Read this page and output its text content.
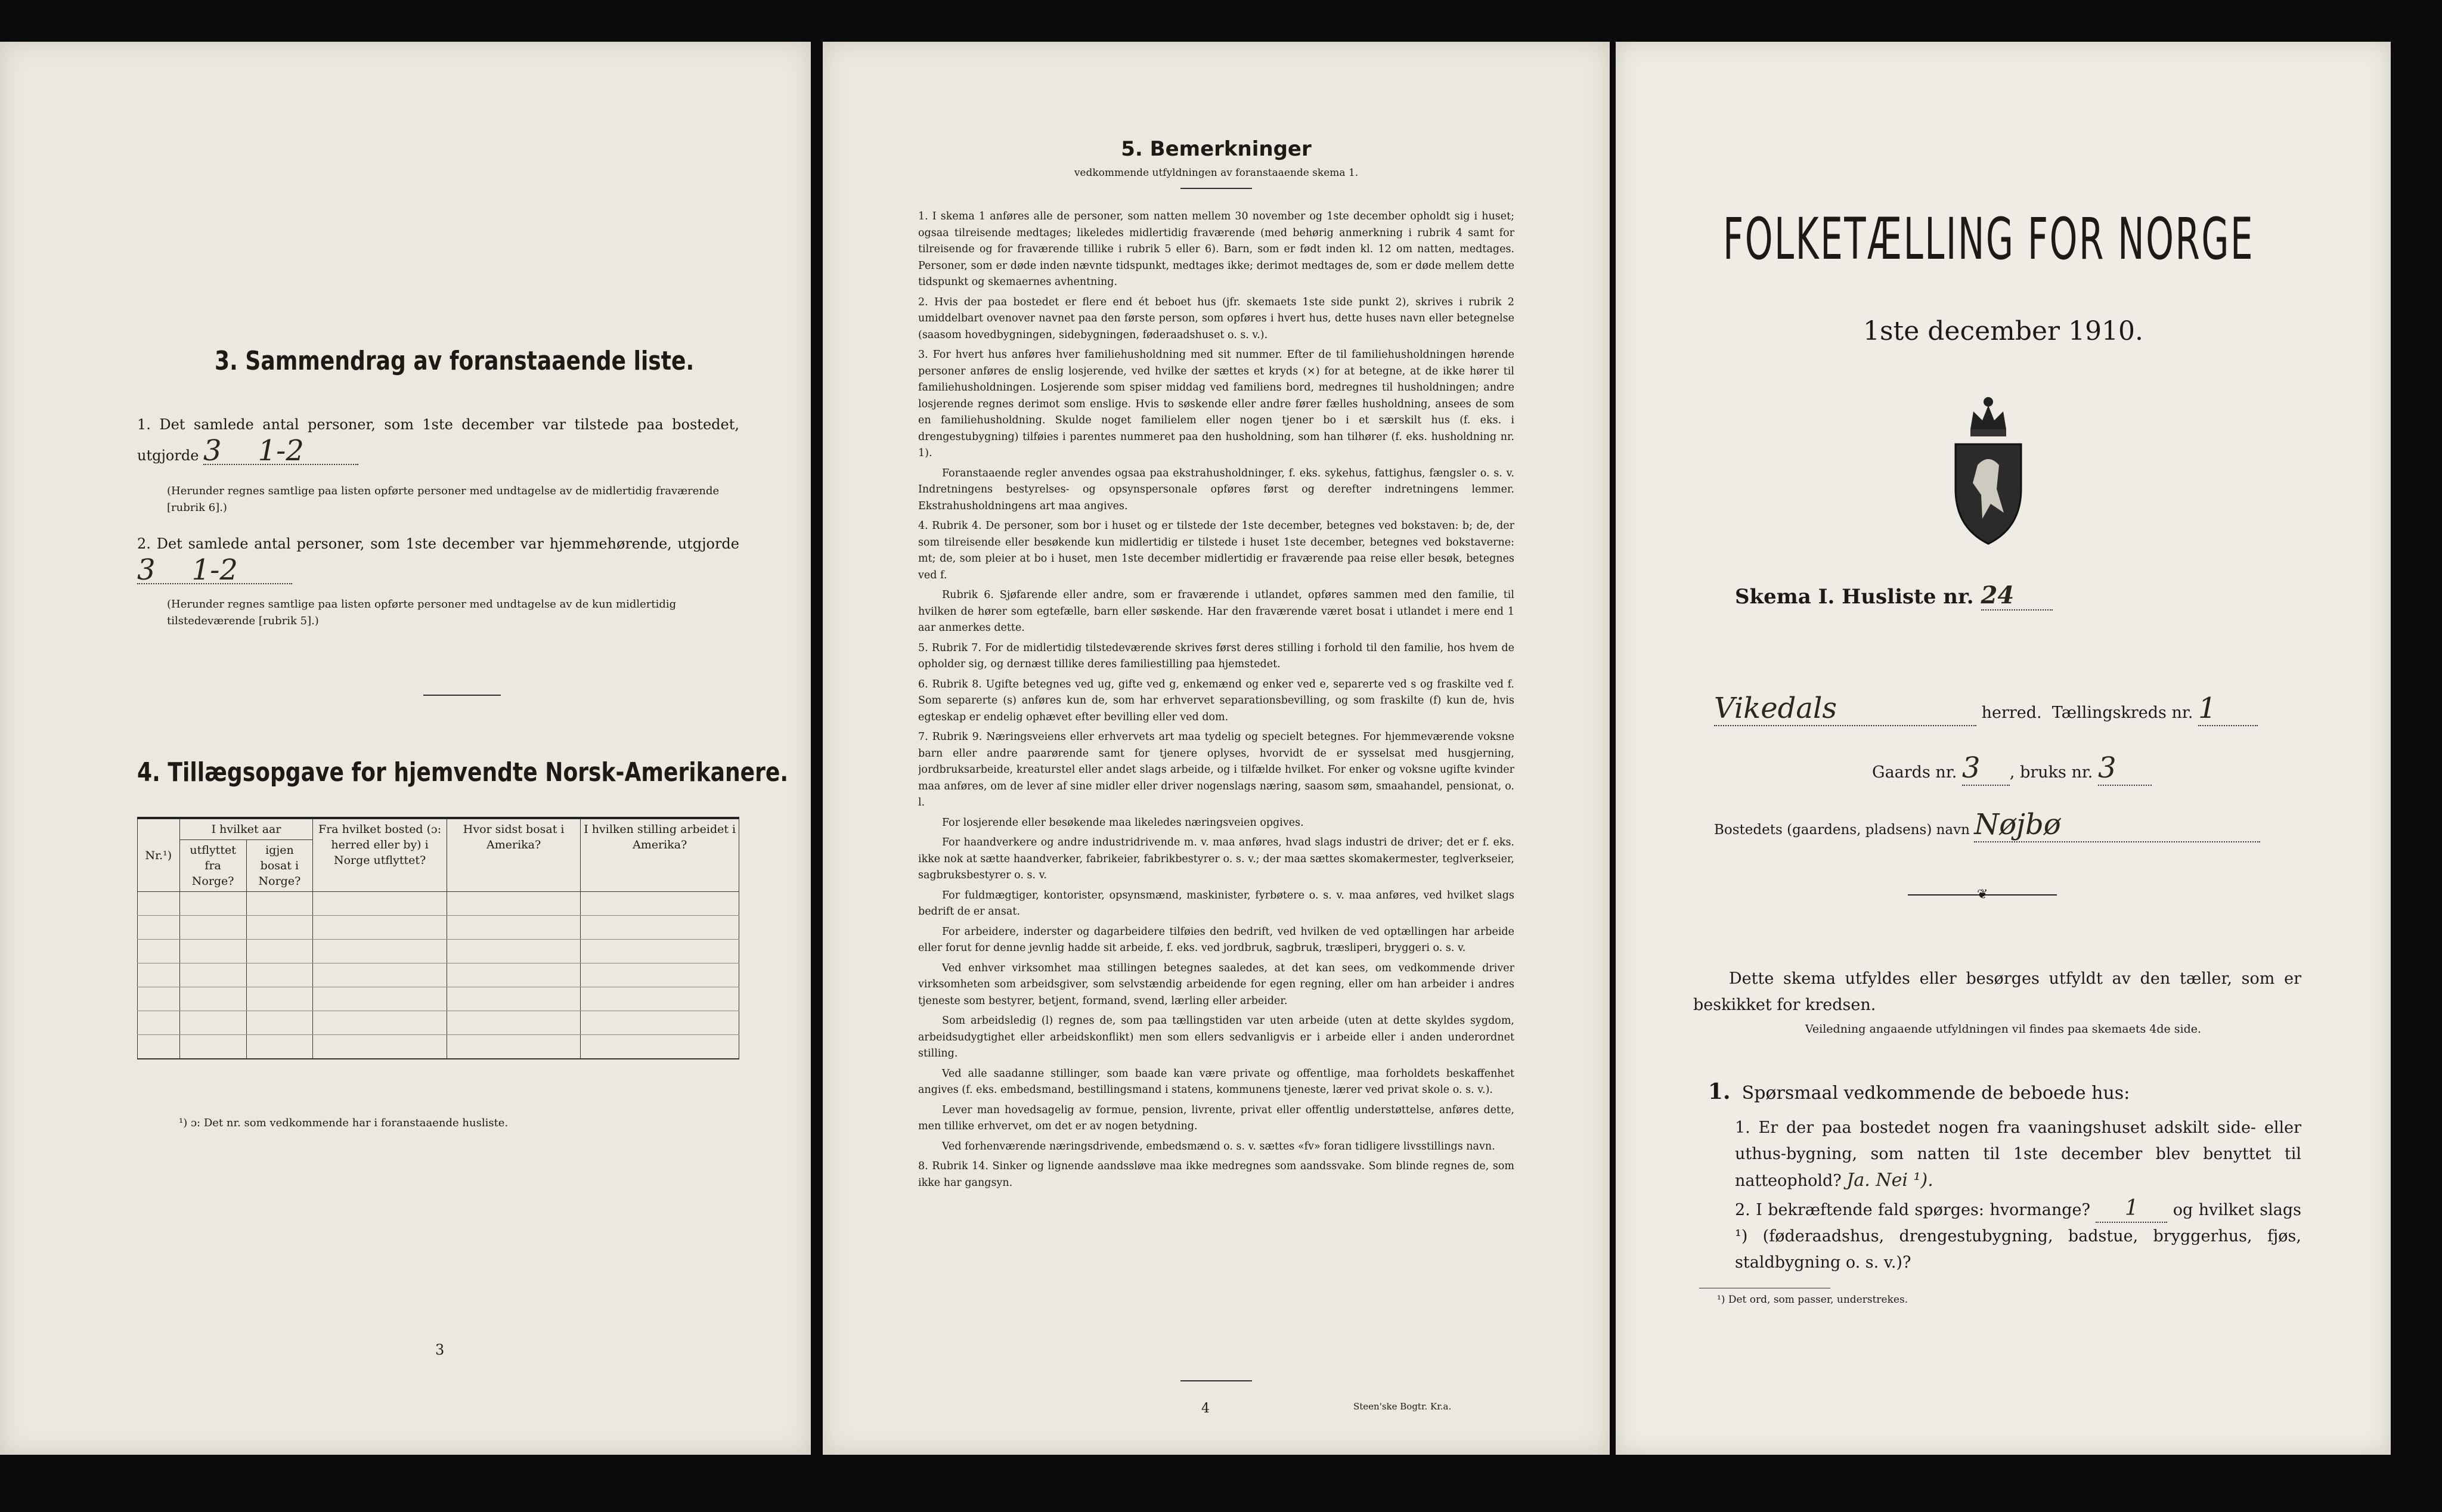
3. Sammendrag av foranstaaende liste.
1. Det samlede antal personer, som 1ste december var tilstede paa bostedet, utgjorde 3 1-2
(Herunder regnes samtlige paa listen opførte personer med undtagelse av de midlertidig fraværende [rubrik 6].)
2. Det samlede antal personer, som 1ste december var hjemmehørende, utgjorde 3 1-2
(Herunder regnes samtlige paa listen opførte personer med undtagelse av de kun midlertidig tilstedeværende [rubrik 5].)
4. Tillægsopgave for hjemvendte Norsk-Amerikanere.
Nr.¹)	I hvilket aar		Fra hvilket bosted (ɔ: herred eller by) i Norge utflyttet?	Hvor sidst bosat i Amerika?	I hvilken stilling arbeidet i Amerika?
	utflyttet fra Norge?	igjen bosat i Norge?			

¹) ɔ: Det nr. som vedkommende har i foranstaaende husliste.
3
5. Bemerkninger
vedkommende utfyldningen av foranstaaende skema 1.

1. I skema 1 anføres alle de personer, som natten mellem 30 november og 1ste december opholdt sig i huset; ogsaa tilreisende medtages; likeledes midlertidig fraværende (med behørig anmerkning i rubrik 4 samt for tilreisende og for fraværende tillike i rubrik 5 eller 6). Barn, som er født inden kl. 12 om natten, medtages. Personer, som er døde inden nævnte tidspunkt, medtages ikke; derimot medtages de, som er døde mellem dette tidspunkt og skemaernes avhentning.

2. Hvis der paa bostedet er flere end ét beboet hus (jfr. skemaets 1ste side punkt 2), skrives i rubrik 2 umiddelbart ovenover navnet paa den første person, som opføres i hvert hus, dette huses navn eller betegnelse (saasom hovedbygningen, sidebygningen, føderaadshuset o. s. v.).

3. For hvert hus anføres hver familiehusholdning med sit nummer. Efter de til familiehusholdningen hørende personer anføres de enslig losjerende, ved hvilke der sættes et kryds (×) for at betegne, at de ikke hører til familiehusholdningen. Losjerende som spiser middag ved familiens bord, medregnes til husholdningen; andre losjerende regnes derimot som enslige. Hvis to søskende eller andre fører fælles husholdning, ansees de som en familiehusholdning. Skulde noget familielem eller nogen tjener bo i et særskilt hus (f. eks. i drengestubygning) tilføies i parentes nummeret paa den husholdning, som han tilhører (f. eks. husholdning nr. 1).

Foranstaaende regler anvendes ogsaa paa ekstrahusholdninger, f. eks. sykehus, fattighus, fængsler o. s. v. Indretningens bestyrelses- og opsynspersonale opføres først og derefter indretningens lemmer. Ekstrahusholdningens art maa angives.

4. Rubrik 4. De personer, som bor i huset og er tilstede der 1ste december, betegnes ved bokstaven: b; de, der som tilreisende eller besøkende kun midlertidig er tilstede i huset 1ste december, betegnes ved bokstaverne: mt; de, som pleier at bo i huset, men 1ste december midlertidig er fraværende paa reise eller besøk, betegnes ved f.

Rubrik 6. Sjøfarende eller andre, som er fraværende i utlandet, opføres sammen med den familie, til hvilken de hører som egtefælle, barn eller søskende. Har den fraværende været bosat i utlandet i mere end 1 aar anmerkes dette.

5. Rubrik 7. For de midlertidig tilstedeværende skrives først deres stilling i forhold til den familie, hos hvem de opholder sig, og dernæst tillike deres familiestilling paa hjemstedet.

6. Rubrik 8. Ugifte betegnes ved ug, gifte ved g, enkemænd og enker ved e, separerte ved s og fraskilte ved f. Som separerte (s) anføres kun de, som har erhvervet separationsbevilling, og som fraskilte (f) kun de, hvis egteskap er endelig ophævet efter bevilling eller ved dom.

7. Rubrik 9. Næringsveiens eller erhvervets art maa tydelig og specielt betegnes. For hjemmeværende voksne barn eller andre paarørende samt for tjenere oplyses, hvorvidt de er sysselsat med husgjerning, jordbruksarbeide, kreaturstel eller andet slags arbeide, og i tilfælde hvilket. For enker og voksne ugifte kvinder maa anføres, om de lever af sine midler eller driver nogenslags næring, saasom søm, smaahandel, pensionat, o. l.

For losjerende eller besøkende maa likeledes næringsveien opgives.

For haandverkere og andre industridrivende m. v. maa anføres, hvad slags industri de driver; det er f. eks. ikke nok at sætte haandverker, fabrikeier, fabrikbestyrer o. s. v.; der maa sættes skomakermester, teglverkseier, sagbruksbestyrer o. s. v.

For fuldmægtiger, kontorister, opsynsmænd, maskinister, fyrbøtere o. s. v. maa anføres, ved hvilket slags bedrift de er ansat.

For arbeidere, inderster og dagarbeidere tilføies den bedrift, ved hvilken de ved optællingen har arbeide eller forut for denne jevnlig hadde sit arbeide, f. eks. ved jordbruk, sagbruk, træsliperi, bryggeri o. s. v.

Ved enhver virksomhet maa stillingen betegnes saaledes, at det kan sees, om vedkommende driver virksomheten som arbeidsgiver, som selvstændig arbeidende for egen regning, eller om han arbeider i andres tjeneste som bestyrer, betjent, formand, svend, lærling eller arbeider.

Som arbeidsledig (l) regnes de, som paa tællingstiden var uten arbeide (uten at dette skyldes sygdom, arbeidsudygtighet eller arbeidskonflikt) men som ellers sedvanligvis er i arbeide eller i anden underordnet stilling.

Ved alle saadanne stillinger, som baade kan være private og offentlige, maa forholdets beskaffenhet angives (f. eks. embedsmand, bestillingsmand i statens, kommunens tjeneste, lærer ved privat skole o. s. v.).

Lever man hovedsagelig av formue, pension, livrente, privat eller offentlig understøttelse, anføres dette, men tillike erhvervet, om det er av nogen betydning.

Ved forhenværende næringsdrivende, embedsmænd o. s. v. sættes «fv» foran tidligere livsstillings navn.

8. Rubrik 14. Sinker og lignende aandssløve maa ikke medregnes som aandssvake. Som blinde regnes de, som ikke har gangsyn.

4	Steen'ske Bogtr. Kr.a.
FOLKETÆLLING FOR NORGE
1ste december 1910.
Skema I. Husliste nr. 24
Vikedals	herred. Tællingskreds nr. 1
Gaards nr. 3 , bruks nr. 3
Bostedets (gaardens, pladsens) navn Nøjbø
❦
Dette skema utfyldes eller besørges utfyldt av den tæller, som er beskikket for kredsen.
Veiledning angaaende utfyldningen vil findes paa skemaets 4de side.
1. Spørsmaal vedkommende de beboede hus:
1. Er der paa bostedet nogen fra vaaningshuset adskilt side- eller uthus-bygning, som natten til 1ste december blev benyttet til natteophold? Ja. Nei ¹).
2. I bekræftende fald spørges: hvormange? 1 og hvilket slags ¹) (føderaadshus, drengestubygning, badstue, bryggerhus, fjøs, staldbygning o. s. v.)?
¹) Det ord, som passer, understrekes.
